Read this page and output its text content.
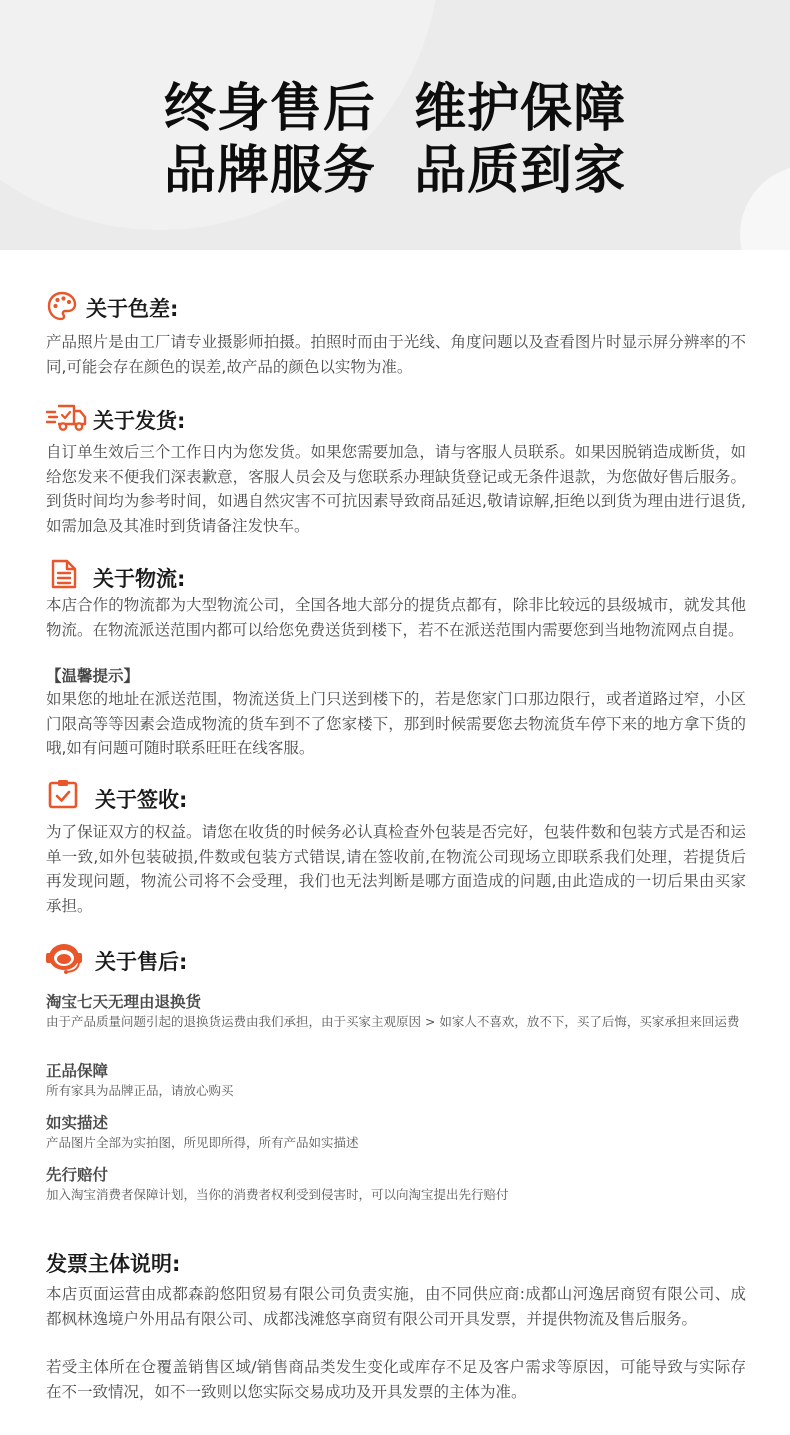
终身售后  维护保障
品牌服务  品质到家
关于色差:

产品照片是由工厂请专业摄影师拍摄。拍照时而由于光线、角度问题以及查看图片时显示屏分辨率的不同,可能会存在颜色的误差,故产品的颜色以实物为准。

关于发货:

自订单生效后三个工作日内为您发货。如果您需要加急，请与客服人员联系。如果因脱销造成断货，如给您发来不便我们深表歉意，客服人员会及与您联系办理缺货登记或无条件退款，为您做好售后服务。到货时间均为参考时间，如遇自然灾害不可抗因素导致商品延迟,敬请谅解,拒绝以到货为理由进行退货,如需加急及其准时到货请备注发快车。

关于物流:

本店合作的物流都为大型物流公司，全国各地大部分的提货点都有，除非比较远的县级城市，就发其他物流。在物流派送范围内都可以给您免费送货到楼下，若不在派送范围内需要您到当地物流网点自提。

【温馨提示】

如果您的地址在派送范围，物流送货上门只送到楼下的，若是您家门口那边限行，或者道路过窄，小区门限高等等因素会造成物流的货车到不了您家楼下，那到时候需要您去物流货车停下来的地方拿下货的哦,如有问题可随时联系旺旺在线客服。

关于签收:

为了保证双方的权益。请您在收货的时候务必认真检查外包装是否完好，包装件数和包装方式是否和运单一致,如外包装破损,件数或包装方式错误,请在签收前,在物流公司现场立即联系我们处理，若提货后再发现问题，物流公司将不会受理，我们也无法判断是哪方面造成的问题,由此造成的一切后果由买家承担。

关于售后:
淘宝七天无理由退换货

由于产品质量问题引起的退换货运费由我们承担，由于买家主观原因 > 如家人不喜欢，放不下，买了后悔，买家承担来回运费

正品保障

所有家具为品牌正品，请放心购买

如实描述

产品图片全部为实拍图，所见即所得，所有产品如实描述

先行赔付

加入淘宝消费者保障计划，当你的消费者权利受到侵害时，可以向淘宝提出先行赔付

发票主体说明:

本店页面运营由成都森韵悠阳贸易有限公司负责实施，由不同供应商:成都山河逸居商贸有限公司、成都枫林逸境户外用品有限公司、成都浅滩悠享商贸有限公司开具发票，并提供物流及售后服务。

若受主体所在仓覆盖销售区域/销售商品类发生变化或库存不足及客户需求等原因，可能导致与实际存在不一致情况，如不一致则以您实际交易成功及开具发票的主体为准。
